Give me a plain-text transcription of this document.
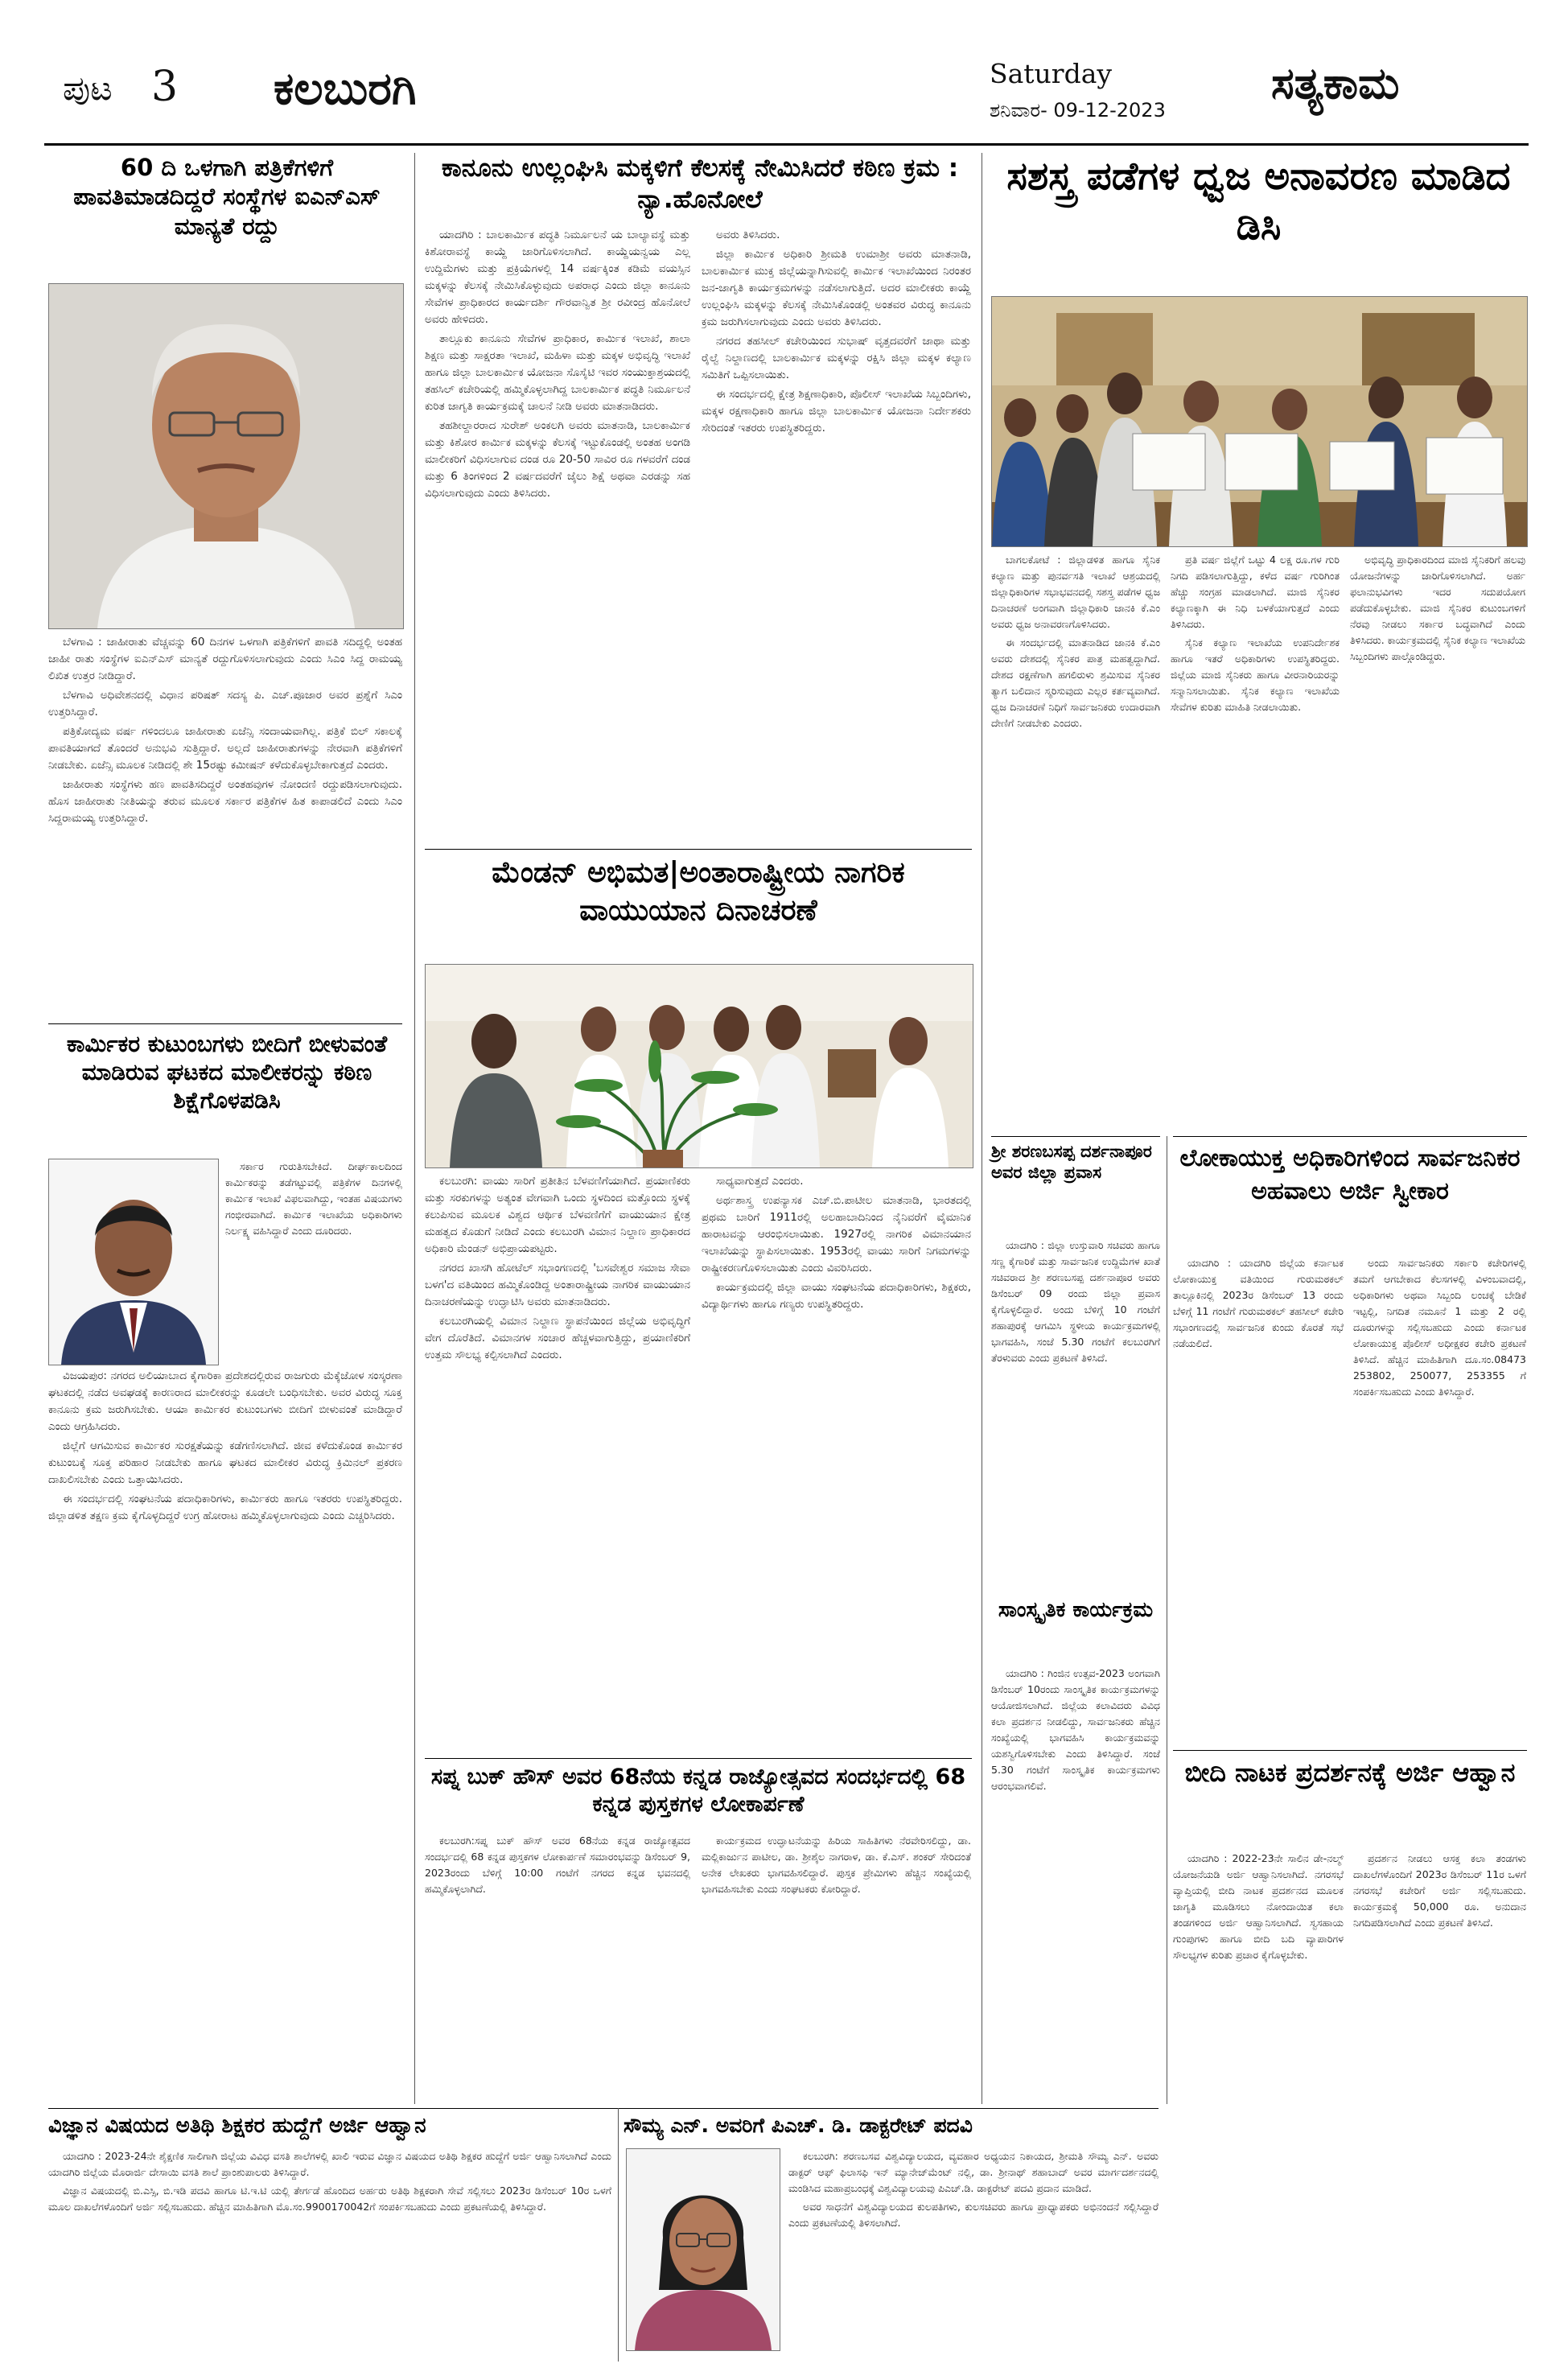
ಪುಟ 3 ಕಲಬುರಗಿ	Saturday
ಶನಿವಾರ- 09-12-2023
ಸತ್ಯಕಾಮ
60 ದಿ ಒಳಗಾಗಿ ಪತ್ರಿಕೆಗಳಿಗೆ ಪಾವತಿಮಾಡದಿದ್ದರೆ ಸಂಸ್ಥೆಗಳ ಐಎನ್ಎಸ್ ಮಾನ್ಯತೆ ರದ್ದು

ಬೆಳಗಾವಿ : ಜಾಹೀರಾತು ವೆಚ್ಚವನ್ನು 60 ದಿನಗಳ ಒಳಗಾಗಿ ಪತ್ರಿಕೆಗಳಿಗೆ ಪಾವತಿ ಸದಿದ್ದಲ್ಲಿ ಅಂತಹ ಜಾಹೀ ರಾತು ಸಂಸ್ಥೆಗಳ ಐಎನ್ಎಸ್ ಮಾನ್ಯತೆ ರದ್ದುಗೊಳಿಸಲಾಗುವುದು ಎಂದು ಸಿಎಂ ಸಿದ್ದ ರಾಮಯ್ಯ ಲಿಖಿತ ಉತ್ತರ ನೀಡಿದ್ದಾರೆ.

ಬೆಳಗಾವಿ ಅಧಿವೇಶನದಲ್ಲಿ ವಿಧಾನ ಪರಿಷತ್ ಸದಸ್ಯ ಪಿ. ಎಚ್.ಪೂಜಾರ ಅವರ ಪ್ರಶ್ನೆಗೆ ಸಿಎಂ ಉತ್ತರಿಸಿದ್ದಾರೆ.

ಪತ್ರಿಕೋದ್ಯಮ ವರ್ಷ ಗಳಿಂದಲೂ ಜಾಹೀರಾತು ಏಜೆನ್ಸಿ ಸಂದಾಯವಾಗಿಲ್ಲ. ಪತ್ರಿಕೆ ಬಿಲ್ ಸಕಾಲಕ್ಕೆ ಪಾವತಿಯಾಗದೆ ತೊಂದರೆ ಅನುಭವಿ ಸುತ್ತಿದ್ದಾರೆ. ಅಲ್ಲದೆ ಜಾಹೀರಾತುಗಳನ್ನು ನೇರವಾಗಿ ಪತ್ರಿಕೆಗಳಿಗೆ ನೀಡಬೇಕು. ಏಜೆನ್ಸಿ ಮೂಲಕ ನೀಡಿದಲ್ಲಿ ಶೇ 15ರಷ್ಟು ಕಮೀಷನ್ ಕಳೆದುಕೊಳ್ಳಬೇಕಾಗುತ್ತದೆ ಎಂದರು.

ಜಾಹೀರಾತು ಸಂಸ್ಥೆಗಳು ಹಣ ಪಾವತಿಸದಿದ್ದರೆ ಅಂತಹವುಗಳ ನೋಂದಣಿ ರದ್ದುಪಡಿಸಲಾಗುವುದು. ಹೊಸ ಜಾಹೀರಾತು ನೀತಿಯನ್ನು ತರುವ ಮೂಲಕ ಸರ್ಕಾರ ಪತ್ರಿಕೆಗಳ ಹಿತ ಕಾಪಾಡಲಿದೆ ಎಂದು ಸಿಎಂ ಸಿದ್ದರಾಮಯ್ಯ ಉತ್ತರಿಸಿದ್ದಾರೆ.

ಕಾರ್ಮಿಕರ ಕುಟುಂಬಗಳು ಬೀದಿಗೆ ಬೀಳುವಂತೆ ಮಾಡಿರುವ ಘಟಕದ ಮಾಲೀಕರನ್ನು ಕಠಿಣ ಶಿಕ್ಷೆಗೊಳಪಡಿಸಿ

ಸರ್ಕಾರ ಗುರುತಿಸಬೇಕಿದೆ. ದೀರ್ಘಕಾಲದಿಂದ ಕಾರ್ಮಿಕರನ್ನು ತಡೆಗಟ್ಟುವಲ್ಲಿ ಪತ್ರಿಕೆಗಳ ದಿನಗಳಲ್ಲಿ ಕಾರ್ಮಿಕ ಇಲಾಖೆ ವಿಫಲವಾಗಿದ್ದು, ಇಂತಹ ವಿಷಯಗಳು ಗಂಭೀರವಾಗಿದೆ. ಕಾರ್ಮಿಕ ಇಲಾಖೆಯ ಅಧಿಕಾರಿಗಳು ನಿರ್ಲಕ್ಷ್ಯ ವಹಿಸಿದ್ದಾರೆ ಎಂದು ದೂರಿದರು.

ವಿಜಯಪುರ: ನಗರದ ಅಲಿಯಾಬಾದ ಕೈಗಾರಿಕಾ ಪ್ರದೇಶದಲ್ಲಿರುವ ರಾಜಗುರು ಮೆಕ್ಕೆಜೋಳ ಸಂಸ್ಕರಣಾ ಘಟಕದಲ್ಲಿ ನಡೆದ ಅವಘಡಕ್ಕೆ ಕಾರಣರಾದ ಮಾಲೀಕರನ್ನು ಕೂಡಲೇ ಬಂಧಿಸಬೇಕು. ಅವರ ವಿರುದ್ಧ ಸೂಕ್ತ ಕಾನೂನು ಕ್ರಮ ಜರುಗಿಸಬೇಕು. ಆಯಾ ಕಾರ್ಮಿಕರ ಕುಟುಂಬಗಳು ಬೀದಿಗೆ ಬೀಳುವಂತೆ ಮಾಡಿದ್ದಾರೆ ಎಂದು ಆಗ್ರಹಿಸಿದರು.

ಜಿಲ್ಲೆಗೆ ಆಗಮಿಸುವ ಕಾರ್ಮಿಕರ ಸುರಕ್ಷತೆಯನ್ನು ಕಡೆಗಣಿಸಲಾಗಿದೆ. ಜೀವ ಕಳೆದುಕೊಂಡ ಕಾರ್ಮಿಕರ ಕುಟುಂಬಕ್ಕೆ ಸೂಕ್ತ ಪರಿಹಾರ ನೀಡಬೇಕು ಹಾಗೂ ಘಟಕದ ಮಾಲೀಕರ ವಿರುದ್ಧ ಕ್ರಿಮಿನಲ್ ಪ್ರಕರಣ ದಾಖಲಿಸಬೇಕು ಎಂದು ಒತ್ತಾಯಿಸಿದರು.

ಈ ಸಂದರ್ಭದಲ್ಲಿ ಸಂಘಟನೆಯ ಪದಾಧಿಕಾರಿಗಳು, ಕಾರ್ಮಿಕರು ಹಾಗೂ ಇತರರು ಉಪಸ್ಥಿತರಿದ್ದರು. ಜಿಲ್ಲಾಡಳಿತ ತಕ್ಷಣ ಕ್ರಮ ಕೈಗೊಳ್ಳದಿದ್ದರೆ ಉಗ್ರ ಹೋರಾಟ ಹಮ್ಮಿಕೊಳ್ಳಲಾಗುವುದು ಎಂದು ಎಚ್ಚರಿಸಿದರು.

ಕಾನೂನು ಉಲ್ಲಂಘಿಸಿ ಮಕ್ಕಳಿಗೆ ಕೆಲಸಕ್ಕೆ ನೇಮಿಸಿದರೆ ಕಠಿಣ ಕ್ರಮ : ನ್ಯಾ.ಹೊನೋಲೆ

ಯಾದಗಿರಿ : ಬಾಲಕಾರ್ಮಿಕ ಪದ್ಧತಿ ನಿರ್ಮೂಲನೆ ಯ ಬಾಲ್ಯಾವಸ್ಥೆ ಮತ್ತು ಕಿಶೋರಾವಸ್ಥೆ ಕಾಯ್ದೆ ಜಾರಿಗೊಳಿಸಲಾಗಿದೆ. ಕಾಯ್ದೆಯನ್ವಯ ಎಲ್ಲ ಉದ್ದಿಮೆಗಳು ಮತ್ತು ಪ್ರಕ್ರಿಯೆಗಳಲ್ಲಿ 14 ವರ್ಷಕ್ಕಿಂತ ಕಡಿಮೆ ವಯಸ್ಸಿನ ಮಕ್ಕಳನ್ನು ಕೆಲಸಕ್ಕೆ ನೇಮಿಸಿಕೊಳ್ಳುವುದು ಅಪರಾಧ ಎಂದು ಜಿಲ್ಲಾ ಕಾನೂನು ಸೇವೆಗಳ ಪ್ರಾಧಿಕಾರದ ಕಾರ್ಯದರ್ಶಿ ಗೌರವಾನ್ವಿತ ಶ್ರೀ ರವೀಂದ್ರ ಹೊನೋಲೆ ಅವರು ಹೇಳಿದರು.

ತಾಲ್ಲೂಕು ಕಾನೂನು ಸೇವೆಗಳ ಪ್ರಾಧಿಕಾರ, ಕಾರ್ಮಿಕ ಇಲಾಖೆ, ಶಾಲಾ ಶಿಕ್ಷಣ ಮತ್ತು ಸಾಕ್ಷರತಾ ಇಲಾಖೆ, ಮಹಿಳಾ ಮತ್ತು ಮಕ್ಕಳ ಅಭಿವೃದ್ಧಿ ಇಲಾಖೆ ಹಾಗೂ ಜಿಲ್ಲಾ ಬಾಲಕಾರ್ಮಿಕ ಯೋಜನಾ ಸೊಸೈಟಿ ಇವರ ಸಂಯುಕ್ತಾಶ್ರಯದಲ್ಲಿ ತಹಸಿಲ್ ಕಚೇರಿಯಲ್ಲಿ ಹಮ್ಮಿಕೊಳ್ಳಲಾಗಿದ್ದ ಬಾಲಕಾರ್ಮಿಕ ಪದ್ಧತಿ ನಿರ್ಮೂಲನೆ ಕುರಿತ ಜಾಗೃತಿ ಕಾರ್ಯಕ್ರಮಕ್ಕೆ ಚಾಲನೆ ನೀಡಿ ಅವರು ಮಾತನಾಡಿದರು.

ತಹಶೀಲ್ದಾರರಾದ ಸುರೇಶ್ ಅಂಕಲಗಿ ಅವರು ಮಾತನಾಡಿ, ಬಾಲಕಾರ್ಮಿಕ ಮತ್ತು ಕಿಶೋರ ಕಾರ್ಮಿಕ ಮಕ್ಕಳನ್ನು ಕೆಲಸಕ್ಕೆ ಇಟ್ಟುಕೊಂಡಲ್ಲಿ ಅಂತಹ ಅಂಗಡಿ ಮಾಲೀಕರಿಗೆ ವಿಧಿಸಲಾಗುವ ದಂಡ ರೂ 20-50 ಸಾವಿರ ರೂ ಗಳವರೆಗೆ ದಂಡ ಮತ್ತು 6 ತಿಂಗಳಿಂದ 2 ವರ್ಷದವರೆಗೆ ಜೈಲು ಶಿಕ್ಷೆ ಅಥವಾ ಎರಡನ್ನು ಸಹ ವಿಧಿಸಲಾಗುವುದು ಎಂದು ತಿಳಿಸಿದರು.

ಅವರು ತಿಳಿಸಿದರು.

ಜಿಲ್ಲಾ ಕಾರ್ಮಿಕ ಅಧಿಕಾರಿ ಶ್ರೀಮತಿ ಉಮಾಶ್ರೀ ಅವರು ಮಾತನಾಡಿ, ಬಾಲಕಾರ್ಮಿಕ ಮುಕ್ತ ಜಿಲ್ಲೆಯನ್ನಾಗಿಸುವಲ್ಲಿ ಕಾರ್ಮಿಕ ಇಲಾಖೆಯಿಂದ ನಿರಂತರ ಜನ-ಜಾಗೃತಿ ಕಾರ್ಯಕ್ರಮಗಳನ್ನು ನಡೆಸಲಾಗುತ್ತಿದೆ. ಅದರ ಮಾಲೀಕರು ಕಾಯ್ದೆ ಉಲ್ಲಂಘಿಸಿ ಮಕ್ಕಳನ್ನು ಕೆಲಸಕ್ಕೆ ನೇಮಿಸಿಕೊಂಡಲ್ಲಿ ಅಂತವರ ವಿರುದ್ಧ ಕಾನೂನು ಕ್ರಮ ಜರುಗಿಸಲಾಗುವುದು ಎಂದು ಅವರು ತಿಳಿಸಿದರು.

ನಗರದ ತಹಸೀಲ್ ಕಚೇರಿಯಿಂದ ಸುಭಾಷ್ ವೃತ್ತದವರೆಗೆ ಜಾಥಾ ಮತ್ತು ರೈಲ್ವೆ ನಿಲ್ದಾಣದಲ್ಲಿ ಬಾಲಕಾರ್ಮಿಕ ಮಕ್ಕಳನ್ನು ರಕ್ಷಿಸಿ ಜಿಲ್ಲಾ ಮಕ್ಕಳ ಕಲ್ಯಾಣ ಸಮಿತಿಗೆ ಒಪ್ಪಿಸಲಾಯಿತು.

ಈ ಸಂದರ್ಭದಲ್ಲಿ ಕ್ಷೇತ್ರ ಶಿಕ್ಷಣಾಧಿಕಾರಿ, ಪೊಲೀಸ್ ಇಲಾಖೆಯ ಸಿಬ್ಬಂದಿಗಳು, ಮಕ್ಕಳ ರಕ್ಷಣಾಧಿಕಾರಿ ಹಾಗೂ ಜಿಲ್ಲಾ ಬಾಲಕಾರ್ಮಿಕ ಯೋಜನಾ ನಿರ್ದೇಶಕರು ಸೇರಿದಂತೆ ಇತರರು ಉಪಸ್ಥಿತರಿದ್ದರು.

ಮೆಂಡನ್ ಅಭಿಮತ|ಅಂತಾರಾಷ್ಟ್ರೀಯ ನಾಗರಿಕ ವಾಯುಯಾನ ದಿನಾಚರಣೆ

ಕಲಬುರಗಿ: ವಾಯು ಸಾರಿಗೆ ಪ್ರತೀತಿನ ಬೆಳವಣಿಗೆಯಾಗಿದೆ. ಪ್ರಯಾಣಿಕರು ಮತ್ತು ಸರಕುಗಳನ್ನು ಅತ್ಯಂತ ವೇಗವಾಗಿ ಒಂದು ಸ್ಥಳದಿಂದ ಮತ್ತೊಂದು ಸ್ಥಳಕ್ಕೆ ಕಲುಪಿಸುವ ಮೂಲಕ ವಿಶ್ವದ ಆರ್ಥಿಕ ಬೆಳವಣಿಗೆಗೆ ವಾಯುಯಾನ ಕ್ಷೇತ್ರ ಮಹತ್ವದ ಕೊಡುಗೆ ನೀಡಿದೆ ಎಂದು ಕಲಬುರಗಿ ವಿಮಾನ ನಿಲ್ದಾಣ ಪ್ರಾಧಿಕಾರದ ಅಧಿಕಾರಿ ಮೆಂಡನ್ ಅಭಿಪ್ರಾಯಪಟ್ಟರು.

ನಗರದ ಖಾಸಗಿ ಹೋಟೆಲ್ ಸಭಾಂಗಣದಲ್ಲಿ 'ಬಸವೇಶ್ವರ ಸಮಾಜ ಸೇವಾ ಬಳಗ'ದ ವತಿಯಿಂದ ಹಮ್ಮಿಕೊಂಡಿದ್ದ ಅಂತಾರಾಷ್ಟ್ರೀಯ ನಾಗರಿಕ ವಾಯುಯಾನ ದಿನಾಚರಣೆಯನ್ನು ಉದ್ಘಾಟಿಸಿ ಅವರು ಮಾತನಾಡಿದರು.

ಕಲಬುರಗಿಯಲ್ಲಿ ವಿಮಾನ ನಿಲ್ದಾಣ ಸ್ಥಾಪನೆಯಿಂದ ಜಿಲ್ಲೆಯ ಅಭಿವೃದ್ಧಿಗೆ ವೇಗ ದೊರೆತಿದೆ. ವಿಮಾನಗಳ ಸಂಚಾರ ಹೆಚ್ಚಳವಾಗುತ್ತಿದ್ದು, ಪ್ರಯಾಣಿಕರಿಗೆ ಉತ್ತಮ ಸೌಲಭ್ಯ ಕಲ್ಪಿಸಲಾಗಿದೆ ಎಂದರು.

ಸಾಧ್ಯವಾಗುತ್ತದೆ ಎಂದರು.

ಅರ್ಥಶಾಸ್ತ್ರ ಉಪನ್ಯಾಸಕ ಎಚ್.ಬಿ.ಪಾಟೀಲ ಮಾತನಾಡಿ, ಭಾರತದಲ್ಲಿ ಪ್ರಥಮ ಬಾರಿಗೆ 1911ರಲ್ಲಿ ಅಲಹಾಬಾದಿನಿಂದ ನೈನಿವರೆಗೆ ವೈಮಾನಿಕ ಹಾರಾಟವನ್ನು ಆರಂಭಿಸಲಾಯಿತು. 1927ರಲ್ಲಿ ನಾಗರಿಕ ವಿಮಾನಯಾನ ಇಲಾಖೆಯನ್ನು ಸ್ಥಾಪಿಸಲಾಯಿತು. 1953ರಲ್ಲಿ ವಾಯು ಸಾರಿಗೆ ನಿಗಮಗಳನ್ನು ರಾಷ್ಟ್ರೀಕರಣಗೊಳಿಸಲಾಯಿತು ಎಂದು ವಿವರಿಸಿದರು.

ಕಾರ್ಯಕ್ರಮದಲ್ಲಿ ಜಿಲ್ಲಾ ವಾಯು ಸಂಘಟನೆಯ ಪದಾಧಿಕಾರಿಗಳು, ಶಿಕ್ಷಕರು, ವಿದ್ಯಾರ್ಥಿಗಳು ಹಾಗೂ ಗಣ್ಯರು ಉಪಸ್ಥಿತರಿದ್ದರು.

ಸಪ್ನ ಬುಕ್ ಹೌಸ್ ಅವರ 68ನೆಯ ಕನ್ನಡ ರಾಜ್ಯೋತ್ಸವದ ಸಂದರ್ಭದಲ್ಲಿ 68 ಕನ್ನಡ ಪುಸ್ತಕಗಳ ಲೋಕಾರ್ಪಣೆ

ಕಲಬುರಗಿ:ಸಪ್ನ ಬುಕ್ ಹೌಸ್ ಅವರ 68ನೆಯ ಕನ್ನಡ ರಾಜ್ಯೋತ್ಸವದ ಸಂದರ್ಭದಲ್ಲಿ 68 ಕನ್ನಡ ಪುಸ್ತಕಗಳ ಲೋಕಾರ್ಪಣೆ ಸಮಾರಂಭವನ್ನು ಡಿಸೆಂಬರ್ 9, 2023ರಂದು ಬೆಳಿಗ್ಗೆ 10:00 ಗಂಟೆಗೆ ನಗರದ ಕನ್ನಡ ಭವನದಲ್ಲಿ ಹಮ್ಮಿಕೊಳ್ಳಲಾಗಿದೆ.

ಕಾರ್ಯಕ್ರಮದ ಉದ್ಘಾಟನೆಯನ್ನು ಹಿರಿಯ ಸಾಹಿತಿಗಳು ನೆರವೇರಿಸಲಿದ್ದು, ಡಾ. ಮಲ್ಲಿಕಾರ್ಜುನ ಪಾಟೀಲ, ಡಾ. ಶ್ರೀಶೈಲ ನಾಗರಾಳ, ಡಾ. ಕೆ.ಎಸ್. ಶಂಕರ್ ಸೇರಿದಂತೆ ಅನೇಕ ಲೇಖಕರು ಭಾಗವಹಿಸಲಿದ್ದಾರೆ. ಪುಸ್ತಕ ಪ್ರೇಮಿಗಳು ಹೆಚ್ಚಿನ ಸಂಖ್ಯೆಯಲ್ಲಿ ಭಾಗವಹಿಸಬೇಕು ಎಂದು ಸಂಘಟಕರು ಕೋರಿದ್ದಾರೆ.

ಸಶಸ್ತ್ರ ಪಡೆಗಳ ಧ್ವಜ ಅನಾವರಣ ಮಾಡಿದ ಡಿಸಿ

ಬಾಗಲಕೋಟೆ : ಜಿಲ್ಲಾಡಳಿತ ಹಾಗೂ ಸೈನಿಕ ಕಲ್ಯಾಣ ಮತ್ತು ಪುನರ್ವಸತಿ ಇಲಾಖೆ ಆಶ್ರಯದಲ್ಲಿ ಜಿಲ್ಲಾಧಿಕಾರಿಗಳ ಸಭಾಭವನದಲ್ಲಿ ಸಶಸ್ತ್ರ ಪಡೆಗಳ ಧ್ವಜ ದಿನಾಚರಣೆ ಅಂಗವಾಗಿ ಜಿಲ್ಲಾಧಿಕಾರಿ ಜಾನಕಿ ಕೆ.ಎಂ ಅವರು ಧ್ವಜ ಅನಾವರಣಗೊಳಿಸಿದರು.

ಈ ಸಂದರ್ಭದಲ್ಲಿ ಮಾತನಾಡಿದ ಜಾನಕಿ ಕೆ.ಎಂ ಅವರು ದೇಶದಲ್ಲಿ ಸೈನಿಕರ ಪಾತ್ರ ಮಹತ್ವದ್ದಾಗಿದೆ. ದೇಶದ ರಕ್ಷಣೆಗಾಗಿ ಹಗಲಿರುಳು ಶ್ರಮಿಸುವ ಸೈನಿಕರ ತ್ಯಾಗ ಬಲಿದಾನ ಸ್ಮರಿಸುವುದು ಎಲ್ಲರ ಕರ್ತವ್ಯವಾಗಿದೆ. ಧ್ವಜ ದಿನಾಚರಣೆ ನಿಧಿಗೆ ಸಾರ್ವಜನಿಕರು ಉದಾರವಾಗಿ ದೇಣಿಗೆ ನೀಡಬೇಕು ಎಂದರು.

ಪ್ರತಿ ವರ್ಷ ಜಿಲ್ಲೆಗೆ ಒಟ್ಟು 4 ಲಕ್ಷ ರೂ.ಗಳ ಗುರಿ ನಿಗದಿ ಪಡಿಸಲಾಗುತ್ತಿದ್ದು, ಕಳೆದ ವರ್ಷ ಗುರಿಗಿಂತ ಹೆಚ್ಚು ಸಂಗ್ರಹ ಮಾಡಲಾಗಿದೆ. ಮಾಜಿ ಸೈನಿಕರ ಕಲ್ಯಾಣಕ್ಕಾಗಿ ಈ ನಿಧಿ ಬಳಕೆಯಾಗುತ್ತದೆ ಎಂದು ತಿಳಿಸಿದರು.

ಸೈನಿಕ ಕಲ್ಯಾಣ ಇಲಾಖೆಯ ಉಪನಿರ್ದೇಶಕ ಹಾಗೂ ಇತರೆ ಅಧಿಕಾರಿಗಳು ಉಪಸ್ಥಿತರಿದ್ದರು. ಜಿಲ್ಲೆಯ ಮಾಜಿ ಸೈನಿಕರು ಹಾಗೂ ವೀರನಾರಿಯರನ್ನು ಸನ್ಮಾನಿಸಲಾಯಿತು. ಸೈನಿಕ ಕಲ್ಯಾಣ ಇಲಾಖೆಯ ಸೇವೆಗಳ ಕುರಿತು ಮಾಹಿತಿ ನೀಡಲಾಯಿತು.

ಅಭಿವೃದ್ಧಿ ಪ್ರಾಧಿಕಾರದಿಂದ ಮಾಜಿ ಸೈನಿಕರಿಗೆ ಹಲವು ಯೋಜನೆಗಳನ್ನು ಜಾರಿಗೊಳಿಸಲಾಗಿದೆ. ಅರ್ಹ ಫಲಾನುಭವಿಗಳು ಇದರ ಸದುಪಯೋಗ ಪಡೆದುಕೊಳ್ಳಬೇಕು. ಮಾಜಿ ಸೈನಿಕರ ಕುಟುಂಬಗಳಿಗೆ ನೆರವು ನೀಡಲು ಸರ್ಕಾರ ಬದ್ಧವಾಗಿದೆ ಎಂದು ತಿಳಿಸಿದರು. ಕಾರ್ಯಕ್ರಮದಲ್ಲಿ ಸೈನಿಕ ಕಲ್ಯಾಣ ಇಲಾಖೆಯ ಸಿಬ್ಬಂದಿಗಳು ಪಾಲ್ಗೊಂಡಿದ್ದರು.

ಶ್ರೀ ಶರಣಬಸಪ್ಪ ದರ್ಶನಾಪೂರ ಅವರ ಜಿಲ್ಲಾ ಪ್ರವಾಸ

ಯಾದಗಿರಿ : ಜಿಲ್ಲಾ ಉಸ್ತುವಾರಿ ಸಚಿವರು ಹಾಗೂ ಸಣ್ಣ ಕೈಗಾರಿಕೆ ಮತ್ತು ಸಾರ್ವಜನಿಕ ಉದ್ದಿಮೆಗಳ ಖಾತೆ ಸಚಿವರಾದ ಶ್ರೀ ಶರಣಬಸಪ್ಪ ದರ್ಶನಾಪೂರ ಅವರು ಡಿಸೆಂಬರ್ 09 ರಂದು ಜಿಲ್ಲಾ ಪ್ರವಾಸ ಕೈಗೊಳ್ಳಲಿದ್ದಾರೆ. ಅಂದು ಬೆಳಿಗ್ಗೆ 10 ಗಂಟೆಗೆ ಶಹಾಪುರಕ್ಕೆ ಆಗಮಿಸಿ ಸ್ಥಳೀಯ ಕಾರ್ಯಕ್ರಮಗಳಲ್ಲಿ ಭಾಗವಹಿಸಿ, ಸಂಜೆ 5.30 ಗಂಟೆಗೆ ಕಲಬುರಗಿಗೆ ತೆರಳುವರು ಎಂದು ಪ್ರಕಟಣೆ ತಿಳಿಸಿದೆ.

ಸಾಂಸ್ಕೃತಿಕ ಕಾರ್ಯಕ್ರಮ

ಯಾದಗಿರಿ : ಗಿಂಜಿನ ಉತ್ಸವ-2023 ಅಂಗವಾಗಿ ಡಿಸೆಂಬರ್ 10ರಂದು ಸಾಂಸ್ಕೃತಿಕ ಕಾರ್ಯಕ್ರಮಗಳನ್ನು ಆಯೋಜಿಸಲಾಗಿದೆ. ಜಿಲ್ಲೆಯ ಕಲಾವಿದರು ವಿವಿಧ ಕಲಾ ಪ್ರದರ್ಶನ ನೀಡಲಿದ್ದು, ಸಾರ್ವಜನಿಕರು ಹೆಚ್ಚಿನ ಸಂಖ್ಯೆಯಲ್ಲಿ ಭಾಗವಹಿಸಿ ಕಾರ್ಯಕ್ರಮವನ್ನು ಯಶಸ್ವಿಗೊಳಿಸಬೇಕು ಎಂದು ತಿಳಿಸಿದ್ದಾರೆ. ಸಂಜೆ 5.30 ಗಂಟೆಗೆ ಸಾಂಸ್ಕೃತಿಕ ಕಾರ್ಯಕ್ರಮಗಳು ಆರಂಭವಾಗಲಿವೆ.

ಲೋಕಾಯುಕ್ತ ಅಧಿಕಾರಿಗಳಿಂದ ಸಾರ್ವಜನಿಕರ ಅಹವಾಲು ಅರ್ಜಿ ಸ್ವೀಕಾರ

ಯಾದಗಿರಿ : ಯಾದಗಿರಿ ಜಿಲ್ಲೆಯ ಕರ್ನಾಟಕ ಲೋಕಾಯುಕ್ತ ವತಿಯಿಂದ ಗುರುಮಠಕಲ್ ತಾಲ್ಲೂಕಿನಲ್ಲಿ 2023ರ ಡಿಸೆಂಬರ್ 13 ರಂದು ಬೆಳಿಗ್ಗೆ 11 ಗಂಟೆಗೆ ಗುರುಮಠಕಲ್ ತಹಸೀಲ್ ಕಚೇರಿ ಸಭಾಂಗಣದಲ್ಲಿ ಸಾರ್ವಜನಿಕ ಕುಂದು ಕೊರತೆ ಸಭೆ ನಡೆಯಲಿದೆ.

ಅಂದು ಸಾರ್ವಜನಿಕರು ಸರ್ಕಾರಿ ಕಚೇರಿಗಳಲ್ಲಿ ತಮಗೆ ಆಗಬೇಕಾದ ಕೆಲಸಗಳಲ್ಲಿ ವಿಳಂಬವಾದಲ್ಲಿ, ಅಧಿಕಾರಿಗಳು ಅಥವಾ ಸಿಬ್ಬಂದಿ ಲಂಚಕ್ಕೆ ಬೇಡಿಕೆ ಇಟ್ಟಲ್ಲಿ, ನಿಗದಿತ ನಮೂನೆ 1 ಮತ್ತು 2 ರಲ್ಲಿ ದೂರುಗಳನ್ನು ಸಲ್ಲಿಸಬಹುದು ಎಂದು ಕರ್ನಾಟಕ ಲೋಕಾಯುಕ್ತ ಪೊಲೀಸ್ ಅಧೀಕ್ಷಕರ ಕಚೇರಿ ಪ್ರಕಟಣೆ ತಿಳಿಸಿದೆ. ಹೆಚ್ಚಿನ ಮಾಹಿತಿಗಾಗಿ ದೂ.ಸಂ.08473 253802, 250077, 253355 ಗೆ ಸಂಪರ್ಕಿಸಬಹುದು ಎಂದು ತಿಳಿಸಿದ್ದಾರೆ.

ಬೀದಿ ನಾಟಕ ಪ್ರದರ್ಶನಕ್ಕೆ ಅರ್ಜಿ ಆಹ್ವಾನ

ಯಾದಗಿರಿ : 2022-23ನೇ ಸಾಲಿನ ಡೇ-ನಲ್ಮ್ ಯೋಜನೆಯಡಿ ಅರ್ಜಿ ಆಹ್ವಾನಿಸಲಾಗಿದೆ. ನಗರಸಭೆ ವ್ಯಾಪ್ತಿಯಲ್ಲಿ ಬೀದಿ ನಾಟಕ ಪ್ರದರ್ಶನದ ಮೂಲಕ ಜಾಗೃತಿ ಮೂಡಿಸಲು ನೋಂದಾಯಿತ ಕಲಾ ತಂಡಗಳಿಂದ ಅರ್ಜಿ ಆಹ್ವಾನಿಸಲಾಗಿದೆ. ಸ್ವಸಹಾಯ ಗುಂಪುಗಳು ಹಾಗೂ ಬೀದಿ ಬದಿ ವ್ಯಾಪಾರಿಗಳ ಸೌಲಭ್ಯಗಳ ಕುರಿತು ಪ್ರಚಾರ ಕೈಗೊಳ್ಳಬೇಕು.

ಪ್ರದರ್ಶನ ನೀಡಲು ಆಸಕ್ತ ಕಲಾ ತಂಡಗಳು ದಾಖಲೆಗಳೊಂದಿಗೆ 2023ರ ಡಿಸೆಂಬರ್ 11ರ ಒಳಗೆ ನಗರಸಭೆ ಕಚೇರಿಗೆ ಅರ್ಜಿ ಸಲ್ಲಿಸಬಹುದು. ಕಾರ್ಯಕ್ರಮಕ್ಕೆ 50,000 ರೂ. ಅನುದಾನ ನಿಗದಿಪಡಿಸಲಾಗಿದೆ ಎಂದು ಪ್ರಕಟಣೆ ತಿಳಿಸಿದೆ.

ವಿಜ್ಞಾನ ವಿಷಯದ ಅತಿಥಿ ಶಿಕ್ಷಕರ ಹುದ್ದೆಗೆ ಅರ್ಜಿ ಆಹ್ವಾನ

ಯಾದಗಿರಿ : 2023-24ನೇ ಶೈಕ್ಷಣಿಕ ಸಾಲಿಗಾಗಿ ಜಿಲ್ಲೆಯ ವಿವಿಧ ವಸತಿ ಶಾಲೆಗಳಲ್ಲಿ ಖಾಲಿ ಇರುವ ವಿಜ್ಞಾನ ವಿಷಯದ ಅತಿಥಿ ಶಿಕ್ಷಕರ ಹುದ್ದೆಗೆ ಅರ್ಜಿ ಆಹ್ವಾನಿಸಲಾಗಿದೆ ಎಂದು ಯಾದಗಿರಿ ಜಿಲ್ಲೆಯ ಮೊರಾರ್ಜಿ ದೇಸಾಯಿ ವಸತಿ ಶಾಲೆ ಪ್ರಾಂಶುಪಾಲರು ತಿಳಿಸಿದ್ದಾರೆ.

ವಿಜ್ಞಾನ ವಿಷಯದಲ್ಲಿ ಬಿ.ಎಸ್ಸಿ, ಬಿ.ಇಡಿ ಪದವಿ ಹಾಗೂ ಟಿ.ಇ.ಟಿ ಯಲ್ಲಿ ತೇರ್ಗಡೆ ಹೊಂದಿದ ಅರ್ಹರು ಅತಿಥಿ ಶಿಕ್ಷಕರಾಗಿ ಸೇವೆ ಸಲ್ಲಿಸಲು 2023ರ ಡಿಸೆಂಬರ್ 10ರ ಒಳಗೆ ಮೂಲ ದಾಖಲೆಗಳೊಂದಿಗೆ ಅರ್ಜಿ ಸಲ್ಲಿಸಬಹುದು. ಹೆಚ್ಚಿನ ಮಾಹಿತಿಗಾಗಿ ಮೊ.ಸಂ.9900170042ಗೆ ಸಂಪರ್ಕಿಸಬಹುದು ಎಂದು ಪ್ರಕಟಣೆಯಲ್ಲಿ ತಿಳಿಸಿದ್ದಾರೆ.

ಸೌಮ್ಯ ಎನ್. ಅವರಿಗೆ ಪಿಎಚ್. ಡಿ. ಡಾಕ್ಟರೇಟ್ ಪದವಿ

ಕಲಬುರಗಿ: ಶರಣಬಸವ ವಿಶ್ವವಿದ್ಯಾಲಯದ, ವ್ಯವಹಾರ ಅಧ್ಯಯನ ನಿಕಾಯದ, ಶ್ರೀಮತಿ ಸೌಮ್ಯ ಎನ್. ಅವರು ಡಾಕ್ಟರ್ ಆಫ್ ಫಿಲಾಸಫಿ ಇನ್ ಮ್ಯಾನೇಜ್‌ಮೆಂಟ್ ನಲ್ಲಿ, ಡಾ. ಶ್ರೀನಾಥ್ ಶಹಾಬಾದ್ ಅವರ ಮಾರ್ಗದರ್ಶನದಲ್ಲಿ ಮಂಡಿಸಿದ ಮಹಾಪ್ರಬಂಧಕ್ಕೆ ವಿಶ್ವವಿದ್ಯಾಲಯವು ಪಿಎಚ್.ಡಿ. ಡಾಕ್ಟರೇಟ್ ಪದವಿ ಪ್ರದಾನ ಮಾಡಿದೆ.

ಅವರ ಸಾಧನೆಗೆ ವಿಶ್ವವಿದ್ಯಾಲಯದ ಕುಲಪತಿಗಳು, ಕುಲಸಚಿವರು ಹಾಗೂ ಪ್ರಾಧ್ಯಾಪಕರು ಅಭಿನಂದನೆ ಸಲ್ಲಿಸಿದ್ದಾರೆ ಎಂದು ಪ್ರಕಟಣೆಯಲ್ಲಿ ತಿಳಿಸಲಾಗಿದೆ.
